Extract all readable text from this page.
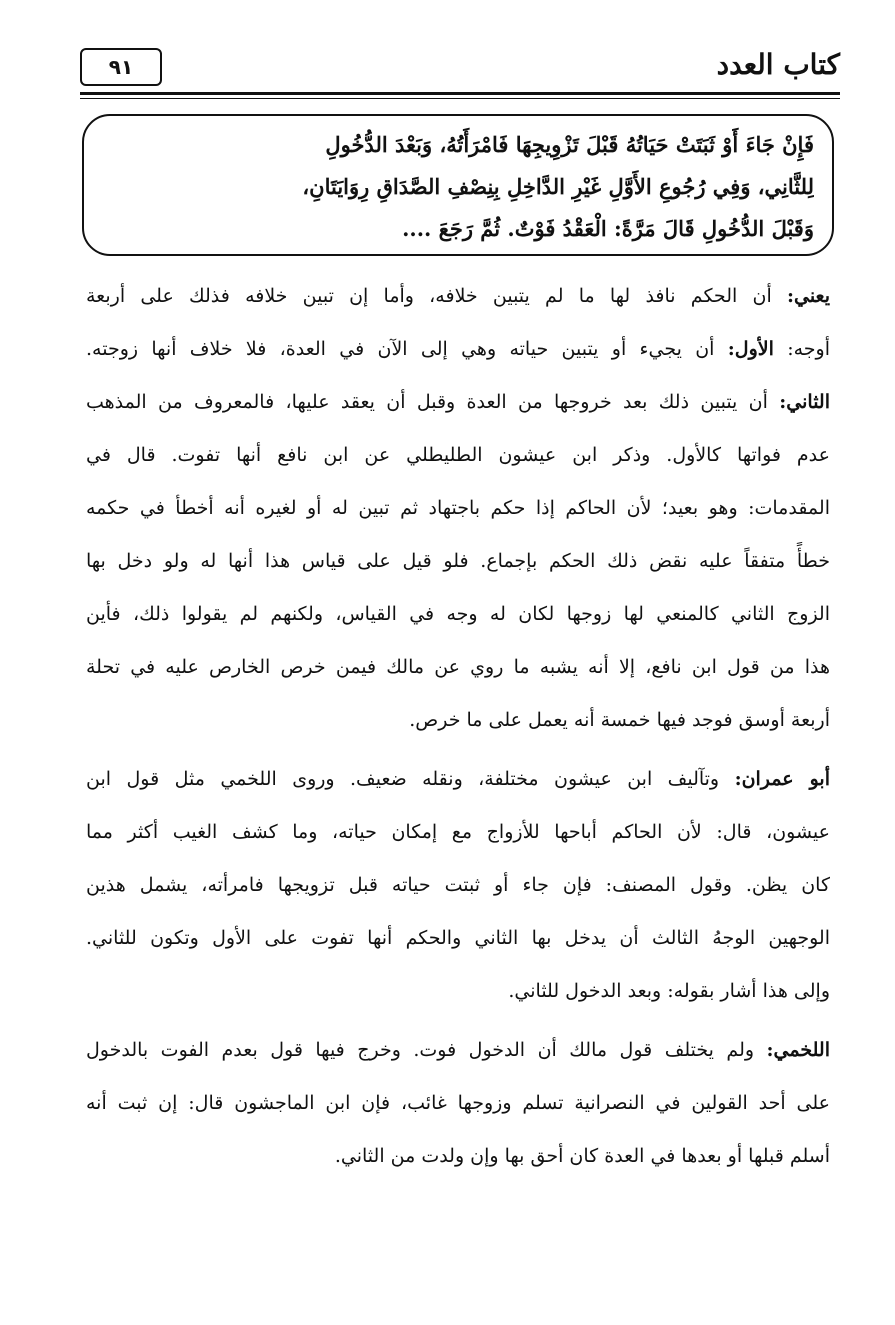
كتاب العدد
٩١

فَإِنْ جَاءَ أَوْ ثَبَتَتْ حَيَاتُهُ قَبْلَ تَزْوِيجِهَا فَامْرَأَتُهُ، وَبَعْدَ الدُّخُولِ

لِلثَّانِي، وَفِي رُجُوعِ الأَوَّلِ غَيْرِ الدَّاخِلِ بِنِصْفِ الصَّدَاقِ رِوَايَتَانِ،

وَقَبْلَ الدُّخُولِ قَالَ مَرَّةً: الْعَقْدُ فَوْتٌ. ثُمَّ رَجَعَ ....

يعني: أن الحكم نافذ لها ما لم يتبين خلافه، وأما إن تبين خلافه فذلك على أربعة
أوجه: الأول: أن يجيء أو يتبين حياته وهي إلى الآن في العدة، فلا خلاف أنها زوجته.
الثاني: أن يتبين ذلك بعد خروجها من العدة وقبل أن يعقد عليها، فالمعروف من المذهب
عدم فواتها كالأول. وذكر ابن عيشون الطليطلي عن ابن نافع أنها تفوت. قال في
المقدمات: وهو بعيد؛ لأن الحاكم إذا حكم باجتهاد ثم تبين له أو لغيره أنه أخطأ في حكمه
خطأً متفقاً عليه نقض ذلك الحكم بإجماع. فلو قيل على قياس هذا أنها له ولو دخل بها
الزوج الثاني كالمنعي لها زوجها لكان له وجه في القياس، ولكنهم لم يقولوا ذلك، فأين
هذا من قول ابن نافع، إلا أنه يشبه ما روي عن مالك فيمن خرص الخارص عليه في تحلة
أربعة أوسق فوجد فيها خمسة أنه يعمل على ما خرص.
أبو عمران: وتآليف ابن عيشون مختلفة، ونقله ضعيف. وروى اللخمي مثل قول ابن
عيشون، قال: لأن الحاكم أباحها للأزواج مع إمكان حياته، وما كشف الغيب أكثر مما
كان يظن. وقول المصنف: فإن جاء أو ثبتت حياته قبل تزويجها فامرأته، يشمل هذين
الوجهين الوجهُ الثالث أن يدخل بها الثاني والحكم أنها تفوت على الأول وتكون للثاني.
وإلى هذا أشار بقوله: وبعد الدخول للثاني.
اللخمي: ولم يختلف قول مالك أن الدخول فوت. وخرج فيها قول بعدم الفوت بالدخول
على أحد القولين في النصرانية تسلم وزوجها غائب، فإن ابن الماجشون قال: إن ثبت أنه
أسلم قبلها أو بعدها في العدة كان أحق بها وإن ولدت من الثاني.
